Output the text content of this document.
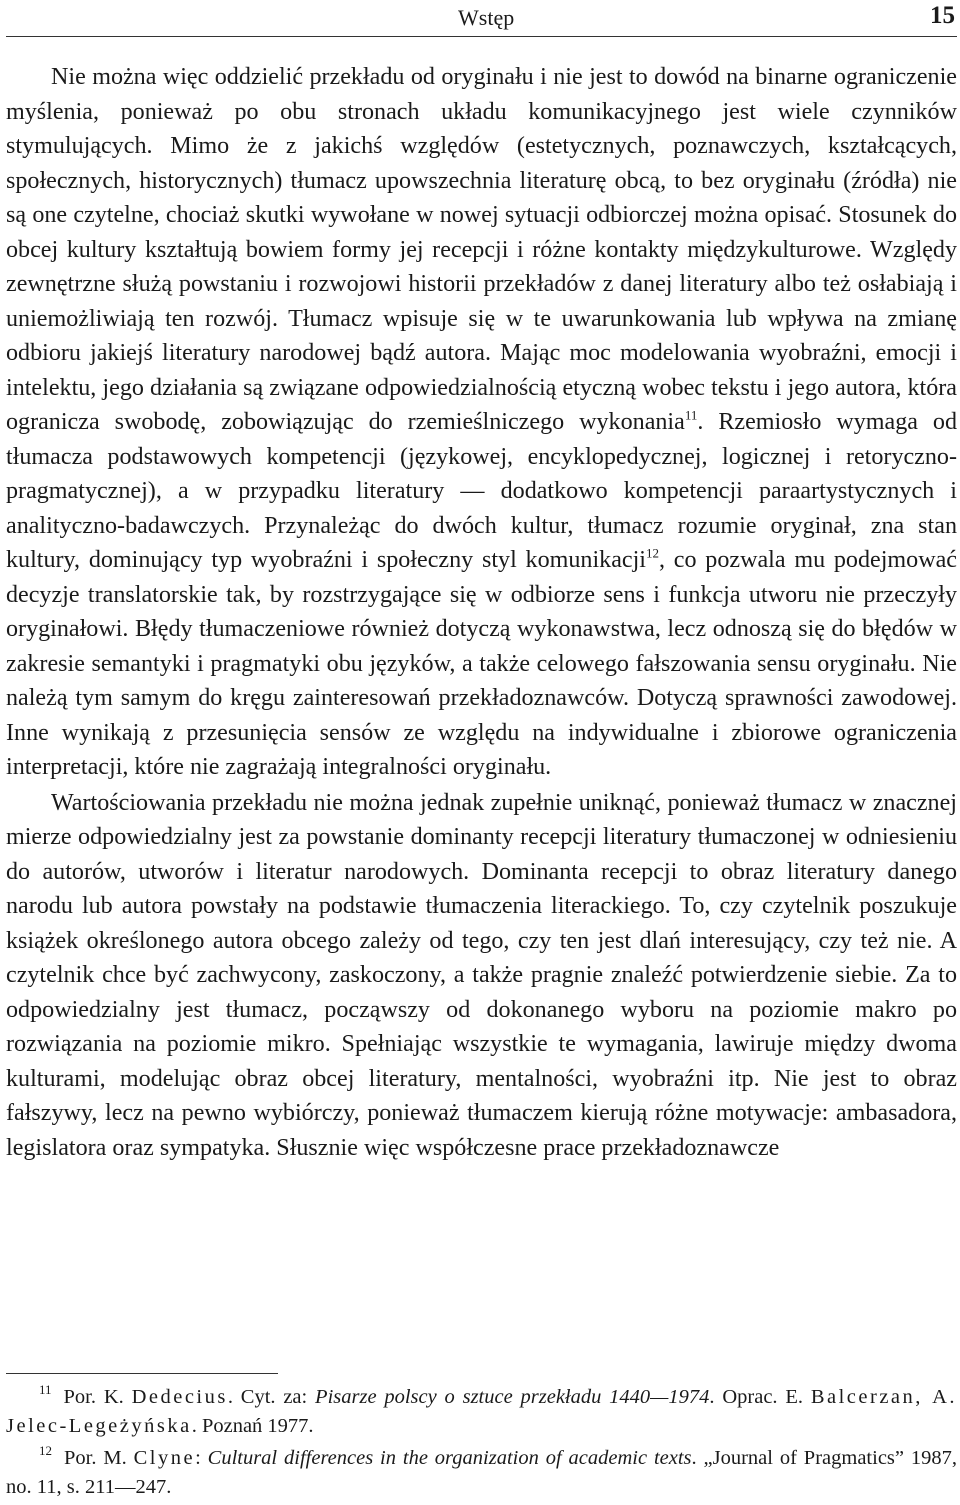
Wstęp	15

Nie można więc oddzielić przekładu od oryginału i nie jest to dowód na binarne ograniczenie myślenia, ponieważ po obu stronach układu komunikacyjnego jest wiele czynników stymulujących. Mimo że z jakichś względów (estetycznych, poznawczych, kształcących, społecznych, historycznych) tłumacz upowszechnia literaturę obcą, to bez oryginału (źródła) nie są one czytelne, chociaż skutki wywołane w nowej sytuacji odbiorczej można opisać. Stosunek do obcej kultury kształtują bowiem formy jej recepcji i różne kontakty międzykulturowe. Względy zewnętrzne służą powstaniu i rozwojowi historii przekładów z danej literatury albo też osłabiają i uniemożliwiają ten rozwój. Tłumacz wpisuje się w te uwarunkowania lub wpływa na zmianę odbioru jakiejś literatury narodowej bądź autora. Mając moc modelowania wyobraźni, emocji i intelektu, jego działania są związane odpowiedzialnością etyczną wobec tekstu i jego autora, która ogranicza swobodę, zobowiązując do rzemieślniczego wykonania$^{11}$. Rzemiosło wymaga od tłumacza podstawowych kompetencji (językowej, encyklopedycznej, logicznej i retoryczno-pragmatycznej), a w przypadku literatury — dodatkowo kompetencji paraartystycznych i analityczno-badawczych. Przynależąc do dwóch kultur, tłumacz rozumie oryginał, zna stan kultury, dominujący typ wyobraźni i społeczny styl komunikacji$^{12}$, co pozwala mu podejmować decyzje translatorskie tak, by rozstrzygające się w odbiorze sens i funkcja utworu nie przeczyły oryginałowi. Błędy tłumaczeniowe również dotyczą wykonawstwa, lecz odnoszą się do błędów w zakresie semantyki i pragmatyki obu języków, a także celowego fałszowania sensu oryginału. Nie należą tym samym do kręgu zainteresowań przekładoznawców. Dotyczą sprawności zawodowej. Inne wynikają z przesunięcia sensów ze względu na indywidualne i zbiorowe ograniczenia interpretacji, które nie zagrażają integralności oryginału.

Wartościowania przekładu nie można jednak zupełnie uniknąć, ponieważ tłumacz w znacznej mierze odpowiedzialny jest za powstanie dominanty recepcji literatury tłumaczonej w odniesieniu do autorów, utworów i literatur narodowych. Dominanta recepcji to obraz literatury danego narodu lub autora powstały na podstawie tłumaczenia literackiego. To, czy czytelnik poszukuje książek określonego autora obcego zależy od tego, czy ten jest dlań interesujący, czy też nie. A czytelnik chce być zachwycony, zaskoczony, a także pragnie znaleźć potwierdzenie siebie. Za to odpowiedzialny jest tłumacz, począwszy od dokonanego wyboru na poziomie makro po rozwiązania na poziomie mikro. Spełniając wszystkie te wymagania, lawiruje między dwoma kulturami, modelując obraz obcej literatury, mentalności, wyobraźni itp. Nie jest to obraz fałszywy, lecz na pewno wybiórczy, ponieważ tłumaczem kierują różne motywacje: ambasadora, legislatora oraz sympatyka. Słusznie więc współczesne prace przekładoznawcze

$^{11}$ Por. K. Dedecius. Cyt. za: Pisarze polscy o sztuce przekładu 1440—1974. Oprac. E. Balcerzan, A. Jelec-Legeżyńska. Poznań 1977.

$^{12}$ Por. M. Clyne: Cultural differences in the organization of academic texts. „Journal of Pragmatics” 1987, no. 11, s. 211—247.
